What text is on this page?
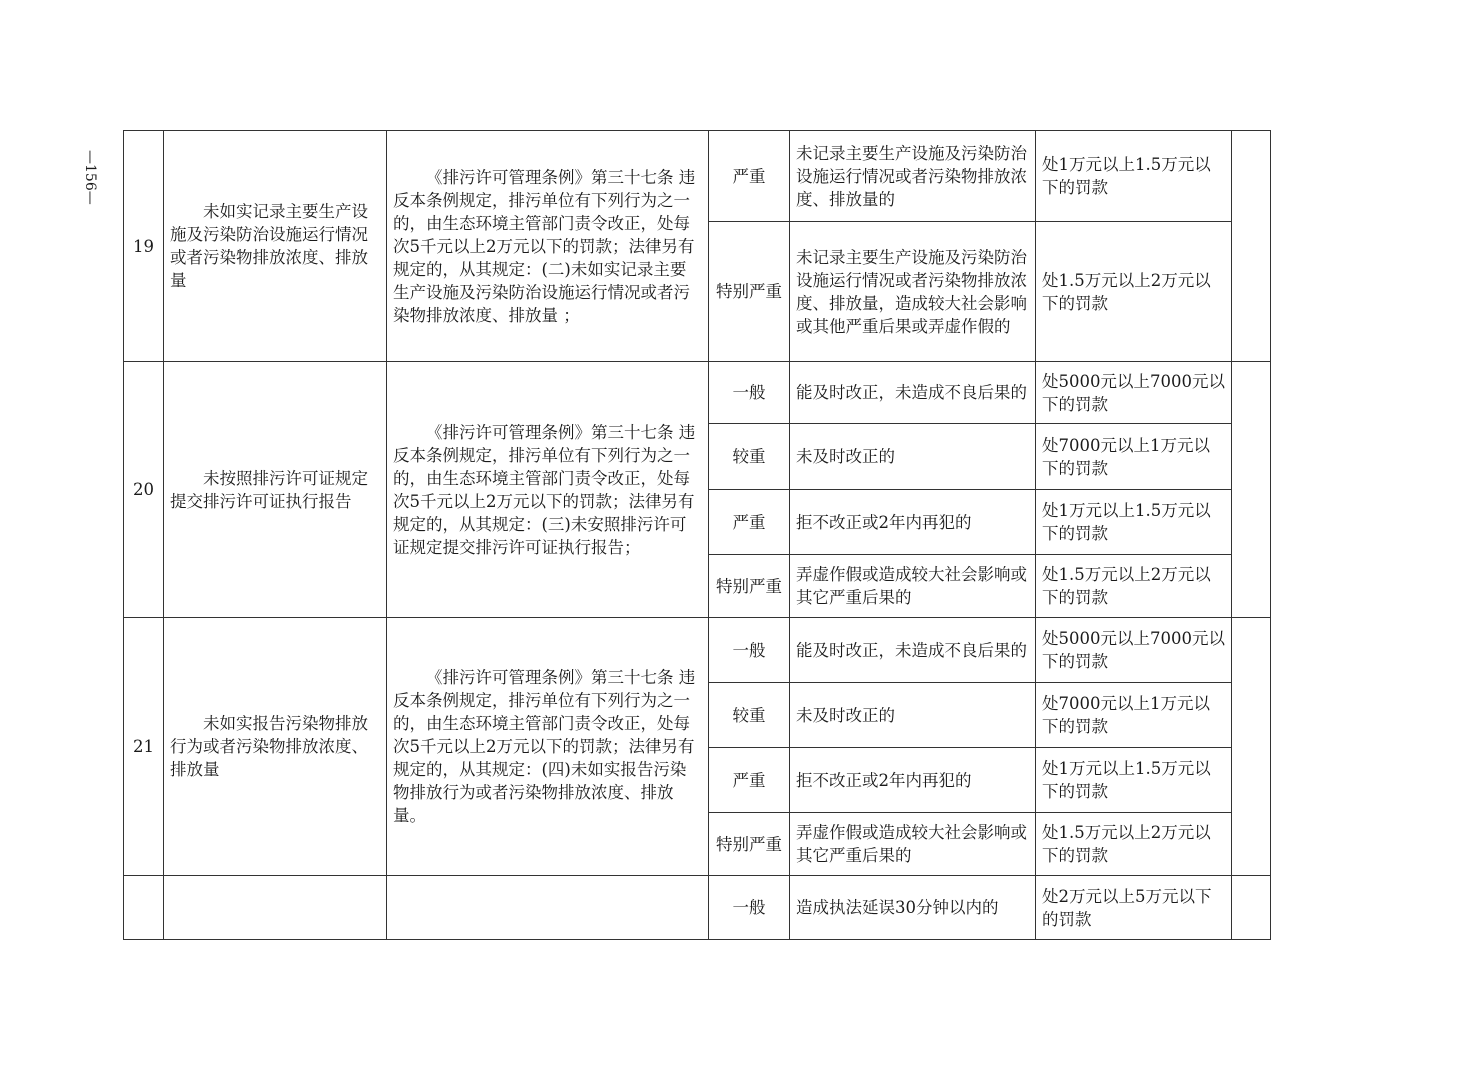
—156—
19	未如实记录主要生产设施及污染防治设施运行情况或者污染物排放浓度、排放量	《排污许可管理条例》第三十七条 违反本条例规定，排污单位有下列行为之一的，由生态环境主管部门责令改正，处每次5千元以上2万元以下的罚款；法律另有规定的，从其规定：(二)未如实记录主要生产设施及污染防治设施运行情况或者污染物排放浓度、排放量 ；	严重	未记录主要生产设施及污染防治设施运行情况或者污染物排放浓度、排放量的	处1万元以上1.5万元以下的罚款	
			特别严重	未记录主要生产设施及污染防治设施运行情况或者污染物排放浓度、排放量，造成较大社会影响或其他严重后果或弄虚作假的	处1.5万元以上2万元以下的罚款	
20	未按照排污许可证规定提交排污许可证执行报告	《排污许可管理条例》第三十七条 违反本条例规定，排污单位有下列行为之一的，由生态环境主管部门责令改正，处每次5千元以上2万元以下的罚款；法律另有规定的，从其规定：(三)未安照排污许可证规定提交排污许可证执行报告；	一般	能及时改正，未造成不良后果的	处5000元以上7000元以下的罚款	
			较重	未及时改正的	处7000元以上1万元以下的罚款	
			严重	拒不改正或2年内再犯的	处1万元以上1.5万元以下的罚款	
			特别严重	弄虚作假或造成较大社会影响或其它严重后果的	处1.5万元以上2万元以下的罚款	
21	未如实报告污染物排放行为或者污染物排放浓度、排放量	《排污许可管理条例》第三十七条 违反本条例规定，排污单位有下列行为之一的，由生态环境主管部门责令改正，处每次5千元以上2万元以下的罚款；法律另有规定的，从其规定：(四)未如实报告污染物排放行为或者污染物排放浓度、排放量。	一般	能及时改正，未造成不良后果的	处5000元以上7000元以下的罚款	
			较重	未及时改正的	处7000元以上1万元以下的罚款	
			严重	拒不改正或2年内再犯的	处1万元以上1.5万元以下的罚款	
			特别严重	弄虚作假或造成较大社会影响或其它严重后果的	处1.5万元以上2万元以下的罚款	
			一般	造成执法延误30分钟以内的	处2万元以上5万元以下的罚款	
